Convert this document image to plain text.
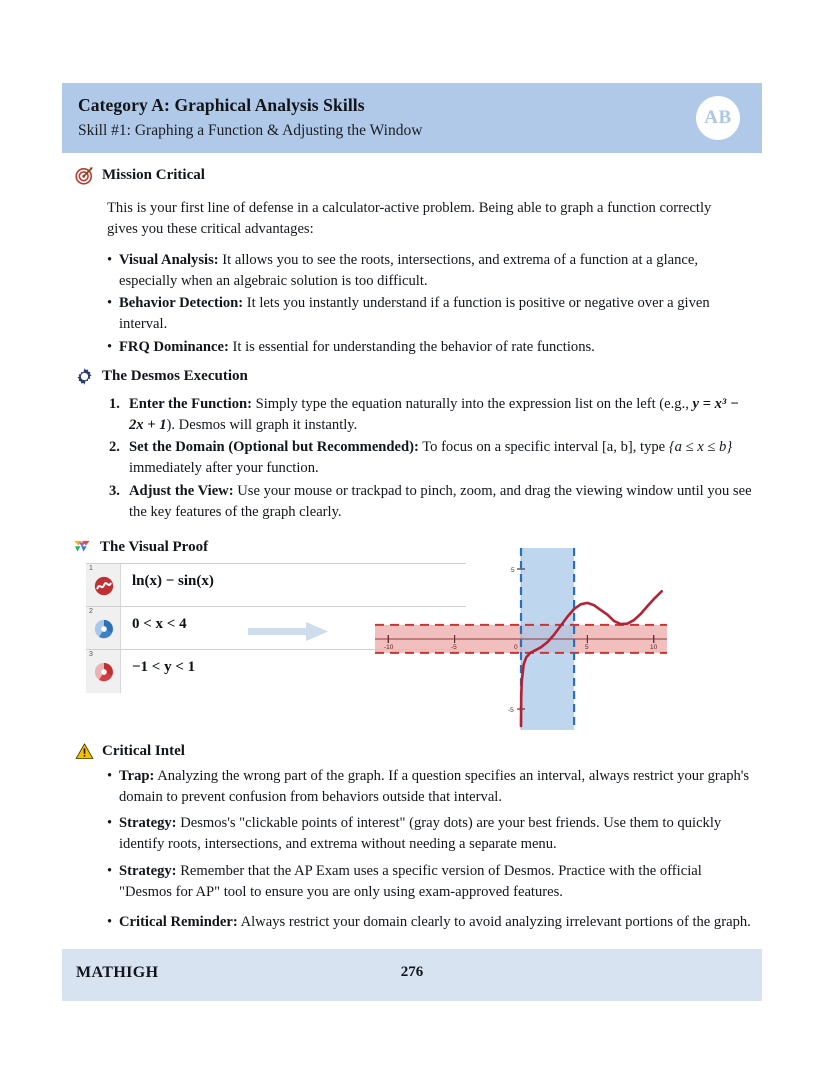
Category A: Graphical Analysis Skills
Skill #1: Graphing a Function & Adjusting the Window
AB
Mission Critical
This is your first line of defense in a calculator-active problem. Being able to graph a function correctly gives you these critical advantages:
• Visual Analysis: It allows you to see the roots, intersections, and extrema of a function at a glance, especially when an algebraic solution is too difficult.
• Behavior Detection: It lets you instantly understand if a function is positive or negative over a given interval.
• FRQ Dominance: It is essential for understanding the behavior of rate functions.
The Desmos Execution
Enter the Function: Simply type the equation naturally into the expression list on the left (e.g., y = x³ − 2x + 1). Desmos will graph it instantly.
Set the Domain (Optional but Recommended): To focus on a specific interval [a, b], type {a ≤ x ≤ b} immediately after your function.
Adjust the View: Use your mouse or trackpad to pinch, zoom, and drag the viewing window until you see the key features of the graph clearly.
The Visual Proof
1
ln(x) − sin(x)
2
0 < x < 4
3
−1 < y < 1
-10	-5	0	5	10
5
-5
Critical Intel
• Trap: Analyzing the wrong part of the graph. If a question specifies an interval, always restrict your graph's domain to prevent confusion from behaviors outside that interval.
• Strategy: Desmos's "clickable points of interest" (gray dots) are your best friends. Use them to quickly identify roots, intersections, and extrema without needing a separate menu.
• Strategy: Remember that the AP Exam uses a specific version of Desmos. Practice with the official "Desmos for AP" tool to ensure you are only using exam-approved features.
• Critical Reminder: Always restrict your domain clearly to avoid analyzing irrelevant portions of the graph.
MATHIGH	276
